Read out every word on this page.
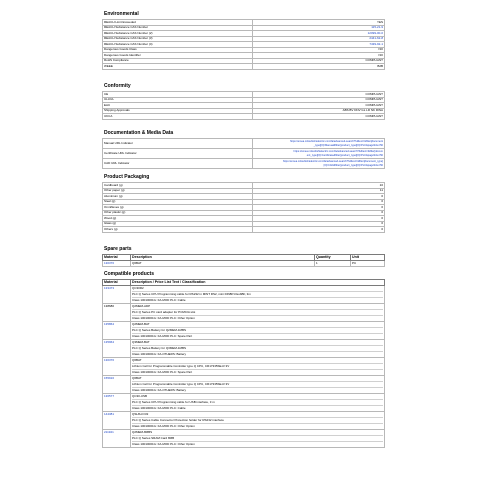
Environmental
REACH Limit Exceeded	YES
REACH Substance CAS Number	115-21-9
REACH Substance CAS Number (2)	12099-00-0
REACH Substance CAS Number (3)	2441-62-8
REACH Substance CAS Number (4)	7439-92-1
Dangerous Goods Class	NO
Dangerous Goods Identifier	NO
RoHS Compliance	COMPLIANT
WEEE	B2B
Conformity
CE	COMPLIANT
UL/cUL	COMPLIANT
EAC	COMPLIANT
Shipping Approvals	ABS BV DNV GL LR NK RINA
UKCA	COMPLIANT
Documentation & Media Data
Manual URL Indicator	https://emea.mitsubishielectric.com/fa/advanced-search?fulltext=&filter[document
_type][0]=Manual&filter[product_type][0]=PLC&pageSize=50

Certificate URL Indicator	https://emea.mitsubishielectric.com/fa/advanced-search?fulltext=&filter[docum
ent_type][0]=Certificate&filter[product_type][0]=PLC&pageSize=50

CAD URL Indicator	https://emea.mitsubishielectric.com/fa/advanced-search?fulltext=&filter[document_type]
[0]=CAD&filter[product_type][0]=PLC&pageSize=50
Product Packaging
Cardboard (g)	10
Other paper (g)	11
Aluminium (g)	0
Steel (g)	0
Omniflexes (g)	0
Other plastic (g)	0
Wood (g)	0
Glass (g)	0
Others (g)	0
Spare parts
Material	Description	Quantity	Unit
130376	Q6BAT	1	PC
Compatible products
Material	Description / Price List Text / Classification
133473	QC30R2
PLC Q Series CPU Programming cable for RS232 in MINT RS2, mini DIN8P-DsubBF, 3m
Class 10010001G: FA-MOD PLC: Cable

138680	Q2MEM-ADP
PLC Q Series PC card adapter for PCMCIA slot
Class 10010001G: FA-MOD PLC: Other Option

135864	Q2MEM-BAT
PLC Q Series Battery for Q2MEM-1MBS
Class 10010001G: FA-MOD PLC: Spare Part

135964	Q3MEM-BAT
PLC Q Series Battery for Q3MEM-1MBS
Class 10010001G: FA-OTHERS: Battery

130376	Q6BAT
Lithium Cell for Programmable Controller type Q CPU, CR17335SE-R 3V
Class 10010001G: FA-MOD PLC: Spare Part

155916	Q6BAT
Lithium Cell for Programmable Controller type Q CPU, CR17335SE-R 3V
Class 10010001G: FA-OTHERS: Battery

136577	QC30-USB
PLC Q Series CPU Programming cable for USB interface, 3 m
Class 10010001G: FA-MOD PLC: Cable

144381	QSHS-D R2
PLC Q Series Cable Connector Protection holder for RS232 interface
Class 10010001G: FA-MOD PLC: Other Option

211921	Q2MEM-8MBS
PLC Q Series SRAM Card 8MB
Class 10010001G: FA-MOD PLC: Other Option
